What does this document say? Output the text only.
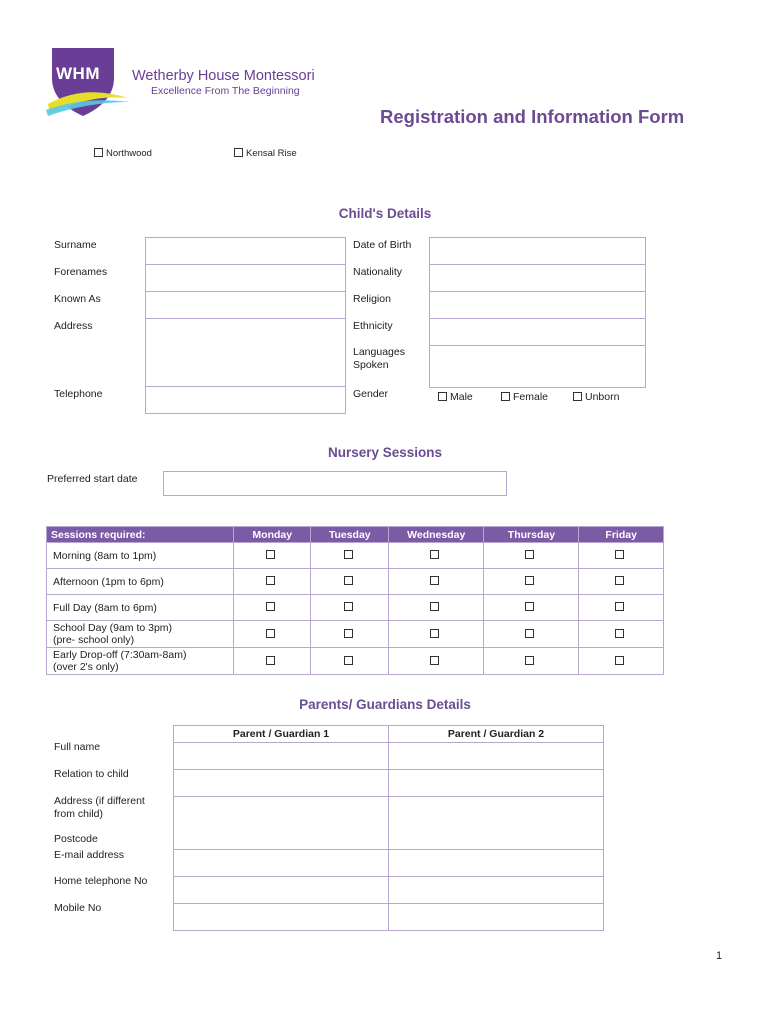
WHM Wetherby House Montessori
Excellence From The Beginning
Registration and Information Form
Northwood	Kensal Rise
Child's Details
Surname
Forenames
Known As
Address
Telephone
Date of Birth
Nationality
Religion
Ethnicity
Languages Spoken
Gender	Male	Female	Unborn
Nursery Sessions
Preferred start date
Sessions required:	Monday	Tuesday	Wednesday	Thursday	Friday

Morning (8am to 1pm)					

Afternoon (1pm to 6pm)					

Full Day (8am to 6pm)					

School Day (9am to 3pm)
(pre- school only)					

Early Drop-off (7:30am-8am)
(over 2's only)					

Parents/ Guardians Details
Parent / Guardian 1	Parent / Guardian 2

Full name
Relation to child
Address (if different from child)
Postcode
E-mail address
Home telephone No
Mobile No
1
